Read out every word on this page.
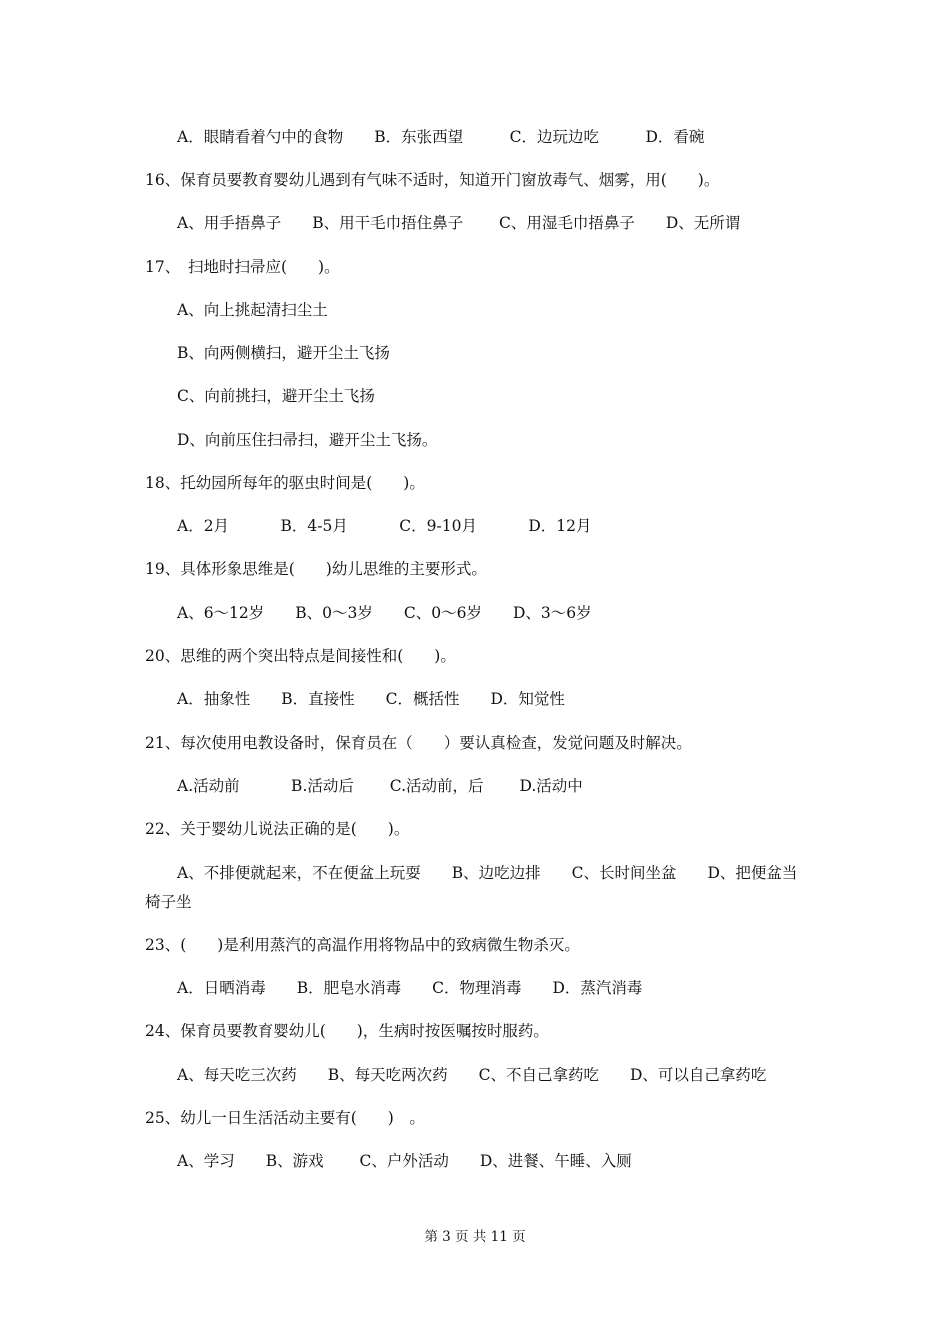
A．眼睛看着勺中的食物　　B．东张西望　　　C．边玩边吃　　　D．看碗
16、保育员要教育婴幼儿遇到有气味不适时，知道开门窗放毒气、烟雾，用(　　)。
A、用手捂鼻子　　B、用干毛巾捂住鼻子　　 C、用湿毛巾捂鼻子　　D、无所谓
17、　扫地时扫帚应(　　)。
A、向上挑起清扫尘土
B、向两侧横扫，避开尘土飞扬
C、向前挑扫，避开尘土飞扬
D、向前压住扫帚扫，避开尘土飞扬。
18、托幼园所每年的驱虫时间是(　　)。
A．2月　　　 B．4-5月　　　 C．9-10月　　　 D．12月
19、具体形象思维是(　　)幼儿思维的主要形式。
A、6～12岁　　B、0～3岁　　C、0～6岁　　D、3～6岁
20、思维的两个突出特点是间接性和(　　)。
A．抽象性　　B．直接性　　C．概括性　　D．知觉性
21、每次使用电教设备时，保育员在（　　）要认真检查，发觉问题及时解决。
A.活动前　　　 B.活动后　　 C.活动前，后　　 D.活动中
22、关于婴幼儿说法正确的是(　　)。
A、不排便就起来，不在便盆上玩耍　　B、边吃边排　　C、长时间坐盆　　D、把便盆当
椅子坐
23、(　　)是利用蒸汽的高温作用将物品中的致病微生物杀灭。
A．日晒消毒　　B．肥皂水消毒　　C．物理消毒　　D．蒸汽消毒
24、保育员要教育婴幼儿(　　)，生病时按医嘱按时服药。
A、每天吃三次药　　B、每天吃两次药　　C、不自己拿药吃　　D、可以自己拿药吃
25、幼儿一日生活活动主要有(　　)　。
A、学习　　B、游戏　　 C、户外活动　　D、进餐、午睡、入厕
第 3 页 共 11 页
